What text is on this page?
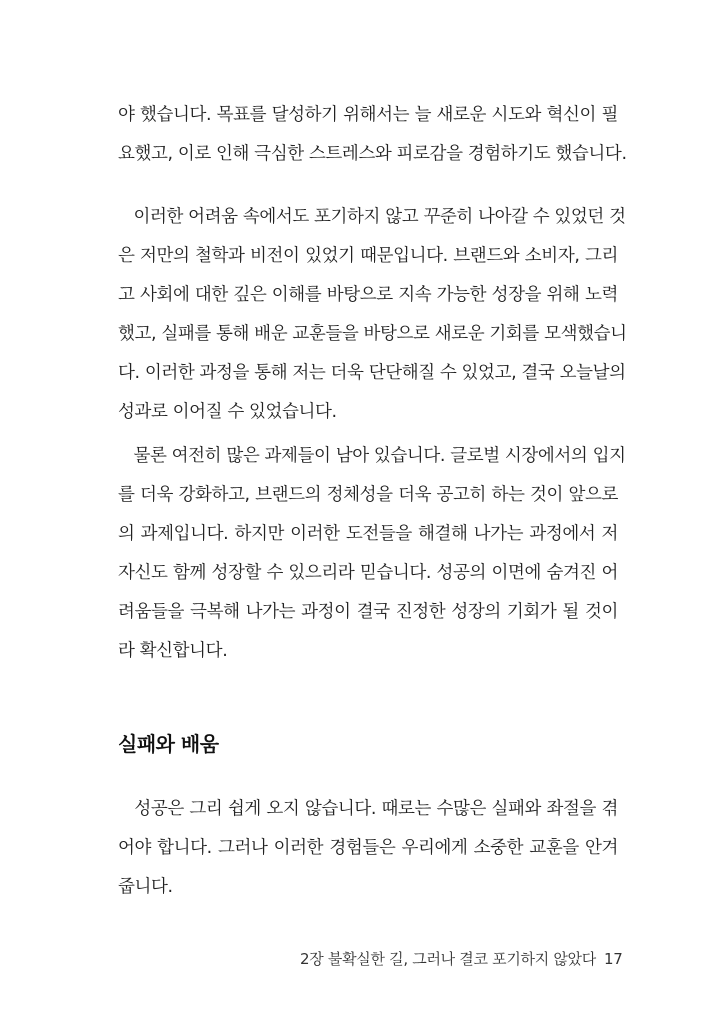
야 했습니다. 목표를 달성하기 위해서는 늘 새로운 시도와 혁신이 필
요했고, 이로 인해 극심한 스트레스와 피로감을 경험하기도 했습니다.
이러한 어려움 속에서도 포기하지 않고 꾸준히 나아갈 수 있었던 것
은 저만의 철학과 비전이 있었기 때문입니다. 브랜드와 소비자, 그리
고 사회에 대한 깊은 이해를 바탕으로 지속 가능한 성장을 위해 노력
했고, 실패를 통해 배운 교훈들을 바탕으로 새로운 기회를 모색했습니
다. 이러한 과정을 통해 저는 더욱 단단해질 수 있었고, 결국 오늘날의
성과로 이어질 수 있었습니다.
물론 여전히 많은 과제들이 남아 있습니다. 글로벌 시장에서의 입지
를 더욱 강화하고, 브랜드의 정체성을 더욱 공고히 하는 것이 앞으로
의 과제입니다. 하지만 이러한 도전들을 해결해 나가는 과정에서 저
자신도 함께 성장할 수 있으리라 믿습니다. 성공의 이면에 숨겨진 어
려움들을 극복해 나가는 과정이 결국 진정한 성장의 기회가 될 것이
라 확신합니다.
실패와 배움
성공은 그리 쉽게 오지 않습니다. 때로는 수많은 실패와 좌절을 겪
어야 합니다. 그러나 이러한 경험들은 우리에게 소중한 교훈을 안겨
줍니다.
2장 불확실한 길, 그러나 결코 포기하지 않았다 17
